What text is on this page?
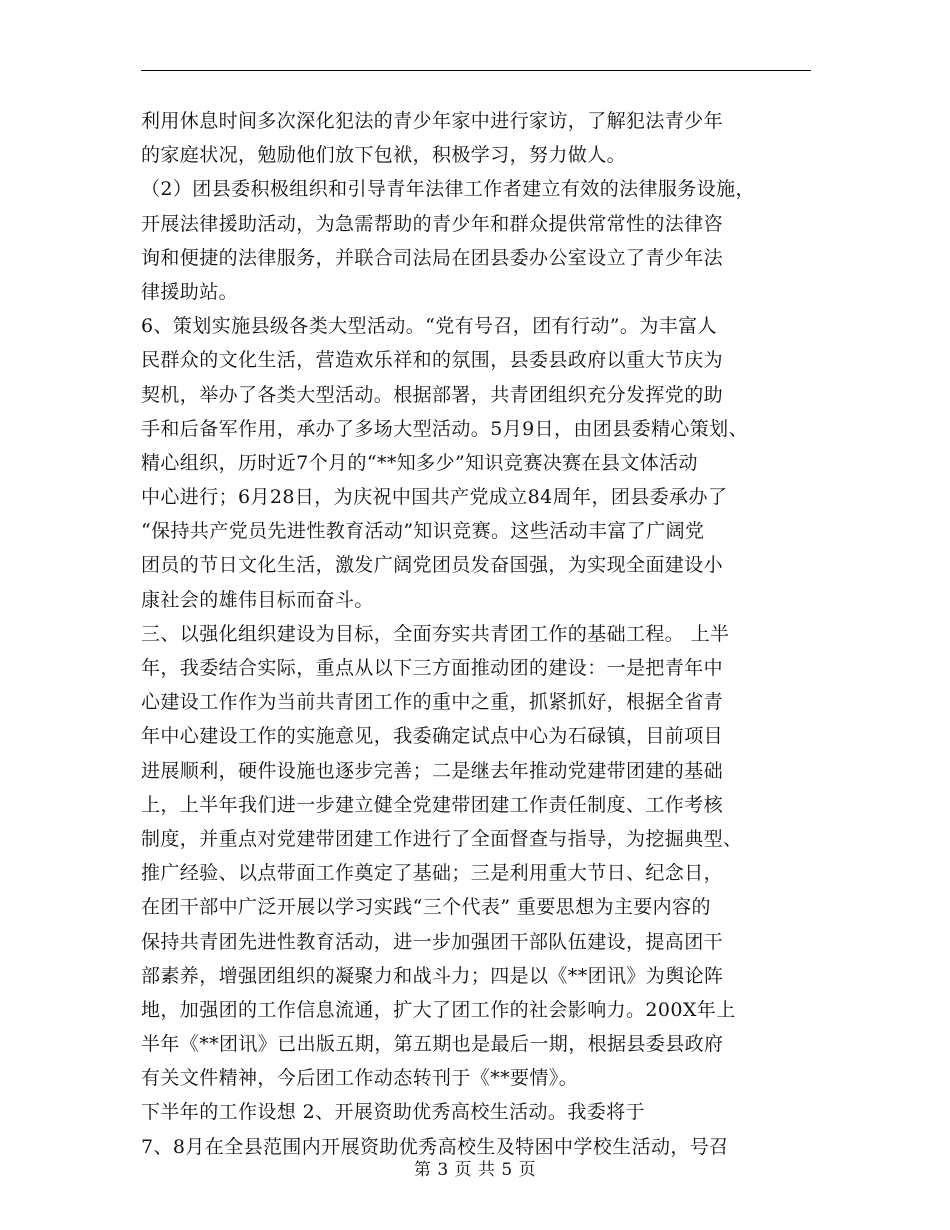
利用休息时间多次深化犯法的青少年家中进行家访，了解犯法青少年
的家庭状况，勉励他们放下包袱，积极学习，努力做人。
（2）团县委积极组织和引导青年法律工作者建立有效的法律服务设施，
开展法律援助活动，为急需帮助的青少年和群众提供常常性的法律咨
询和便捷的法律服务，并联合司法局在团县委办公室设立了青少年法
律援助站。
6、策划实施县级各类大型活动。“党有号召，团有行动”。为丰富人
民群众的文化生活，营造欢乐祥和的氛围，县委县政府以重大节庆为
契机，举办了各类大型活动。根据部署，共青团组织充分发挥党的助
手和后备军作用，承办了多场大型活动。5月9日，由团县委精心策划、
精心组织，历时近7个月的“**知多少”知识竞赛决赛在县文体活动
中心进行；6月28日，为庆祝中国共产党成立84周年，团县委承办了
“保持共产党员先进性教育活动”知识竞赛。这些活动丰富了广阔党
团员的节日文化生活，激发广阔党团员发奋国强，为实现全面建设小
康社会的雄伟目标而奋斗。
三、以强化组织建设为目标，全面夯实共青团工作的基础工程。 上半
年，我委结合实际，重点从以下三方面推动团的建设：一是把青年中
心建设工作作为当前共青团工作的重中之重，抓紧抓好，根据全省青
年中心建设工作的实施意见，我委确定试点中心为石碌镇，目前项目
进展顺利，硬件设施也逐步完善；二是继去年推动党建带团建的基础
上，上半年我们进一步建立健全党建带团建工作责任制度、工作考核
制度，并重点对党建带团建工作进行了全面督查与指导，为挖掘典型、
推广经验、以点带面工作奠定了基础；三是利用重大节日、纪念日，
在团干部中广泛开展以学习实践“三个代表” 重要思想为主要内容的
保持共青团先进性教育活动，进一步加强团干部队伍建设，提高团干
部素养，增强团组织的凝聚力和战斗力；四是以《**团讯》为舆论阵
地，加强团的工作信息流通，扩大了团工作的社会影响力。200X年上
半年《**团讯》已出版五期，第五期也是最后一期，根据县委县政府
有关文件精神，今后团工作动态转刊于《**要情》。
下半年的工作设想 2、开展资助优秀高校生活动。我委将于
7、8月在全县范围内开展资助优秀高校生及特困中学校生活动，号召
第 3 页 共 5 页
